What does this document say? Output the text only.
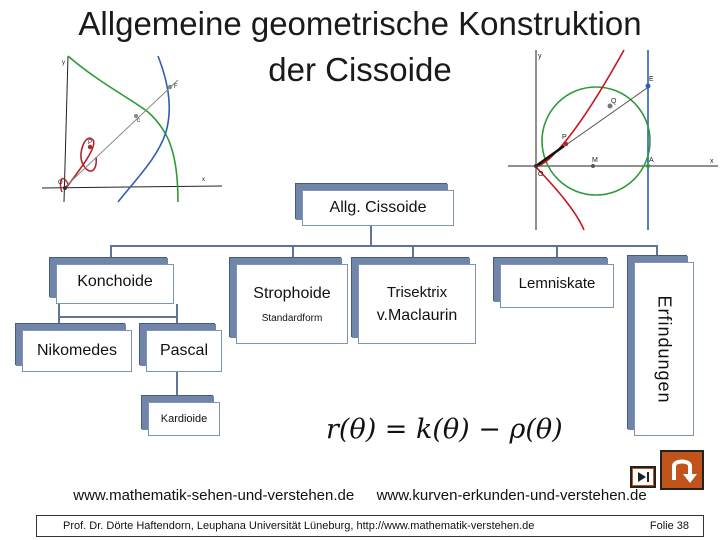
Allgemeine geometrische Konstruktion
der Cissoide
y
x
F
c
P
O
y
x
E
Q
P
M	A
O
Allg. Cissoide
Konchoide
Nikomedes	Pascal
Kardioide
Strophoide
Standardform
Trisektrix
v.Maclaurin
Lemniskate
Erfindungen
r(θ) = k(θ) − ρ(θ)
www.mathematik-sehen-und-verstehen.de www.kurven-erkunden-und-verstehen.de
Prof. Dr. Dörte Haftendorn, Leuphana Universität Lüneburg, http://www.mathematik-verstehen.de	Folie 38
